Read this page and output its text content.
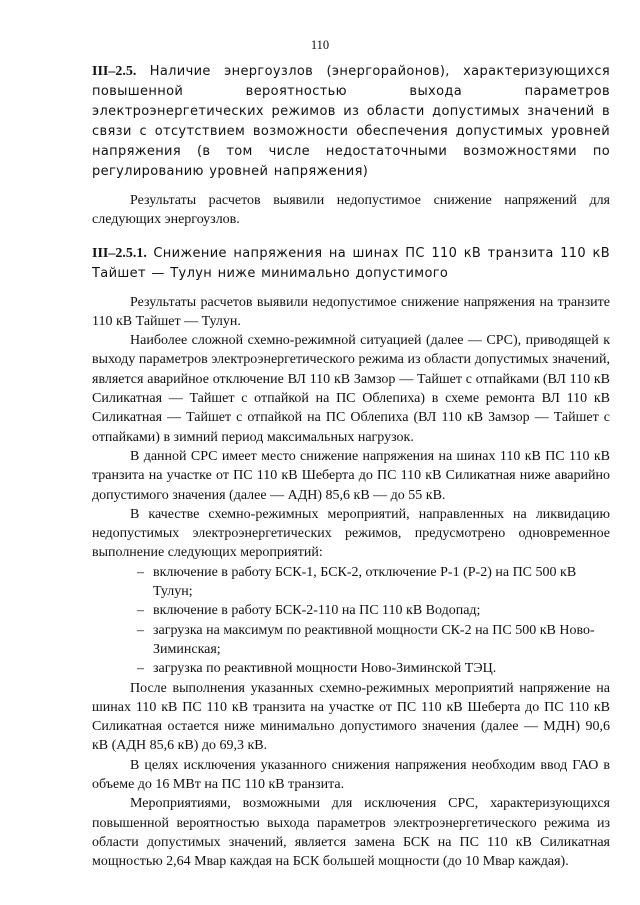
110
III–2.5. Наличие энергоузлов (энергорайонов), характеризующихся повышенной вероятностью выхода параметров электроэнергетических режимов из области допустимых значений в связи с отсутствием возможности обеспечения допустимых уровней напряжения (в том числе недостаточными возможностями по регулированию уровней напряжения)

Результаты расчетов выявили недопустимое снижение напряжений для следующих энергоузлов.

III–2.5.1. Снижение напряжения на шинах ПС 110 кВ транзита 110 кВ Тайшет — Тулун ниже минимально допустимого

Результаты расчетов выявили недопустимое снижение напряжения на транзите 110 кВ Тайшет — Тулун.

Наиболее сложной схемно-режимной ситуацией (далее — СРС), приводящей к выходу параметров электроэнергетического режима из области допустимых значений, является аварийное отключение ВЛ 110 кВ Замзор — Тайшет с отпайками (ВЛ 110 кВ Силикатная — Тайшет с отпайкой на ПС Облепиха) в схеме ремонта ВЛ 110 кВ Силикатная — Тайшет с отпайкой на ПС Облепиха (ВЛ 110 кВ Замзор — Тайшет с отпайками) в зимний период максимальных нагрузок.

В данной СРС имеет место снижение напряжения на шинах 110 кВ ПС 110 кВ транзита на участке от ПС 110 кВ Шеберта до ПС 110 кВ Силикатная ниже аварийно допустимого значения (далее — АДН) 85,6 кВ — до 55 кВ.

В качестве схемно-режимных мероприятий, направленных на ликвидацию недопустимых электроэнергетических режимов, предусмотрено одновременное выполнение следующих мероприятий:

– включение в работу БСК-1, БСК-2, отключение Р-1 (Р-2) на ПС 500 кВ Тулун;
– включение в работу БСК-2-110 на ПС 110 кВ Водопад;
– загрузка на максимум по реактивной мощности СК-2 на ПС 500 кВ Ново-Зиминская;
– загрузка по реактивной мощности Ново-Зиминской ТЭЦ.

После выполнения указанных схемно-режимных мероприятий напряжение на шинах 110 кВ ПС 110 кВ транзита на участке от ПС 110 кВ Шеберта до ПС 110 кВ Силикатная остается ниже минимально допустимого значения (далее — МДН) 90,6 кВ (АДН 85,6 кВ) до 69,3 кВ.

В целях исключения указанного снижения напряжения необходим ввод ГАО в объеме до 16 МВт на ПС 110 кВ транзита.

Мероприятиями, возможными для исключения СРС, характеризующихся повышенной вероятностью выхода параметров электроэнергетического режима из области допустимых значений, является замена БСК на ПС 110 кВ Силикатная мощностью 2,64 Мвар каждая на БСК большей мощности (до 10 Мвар каждая).
